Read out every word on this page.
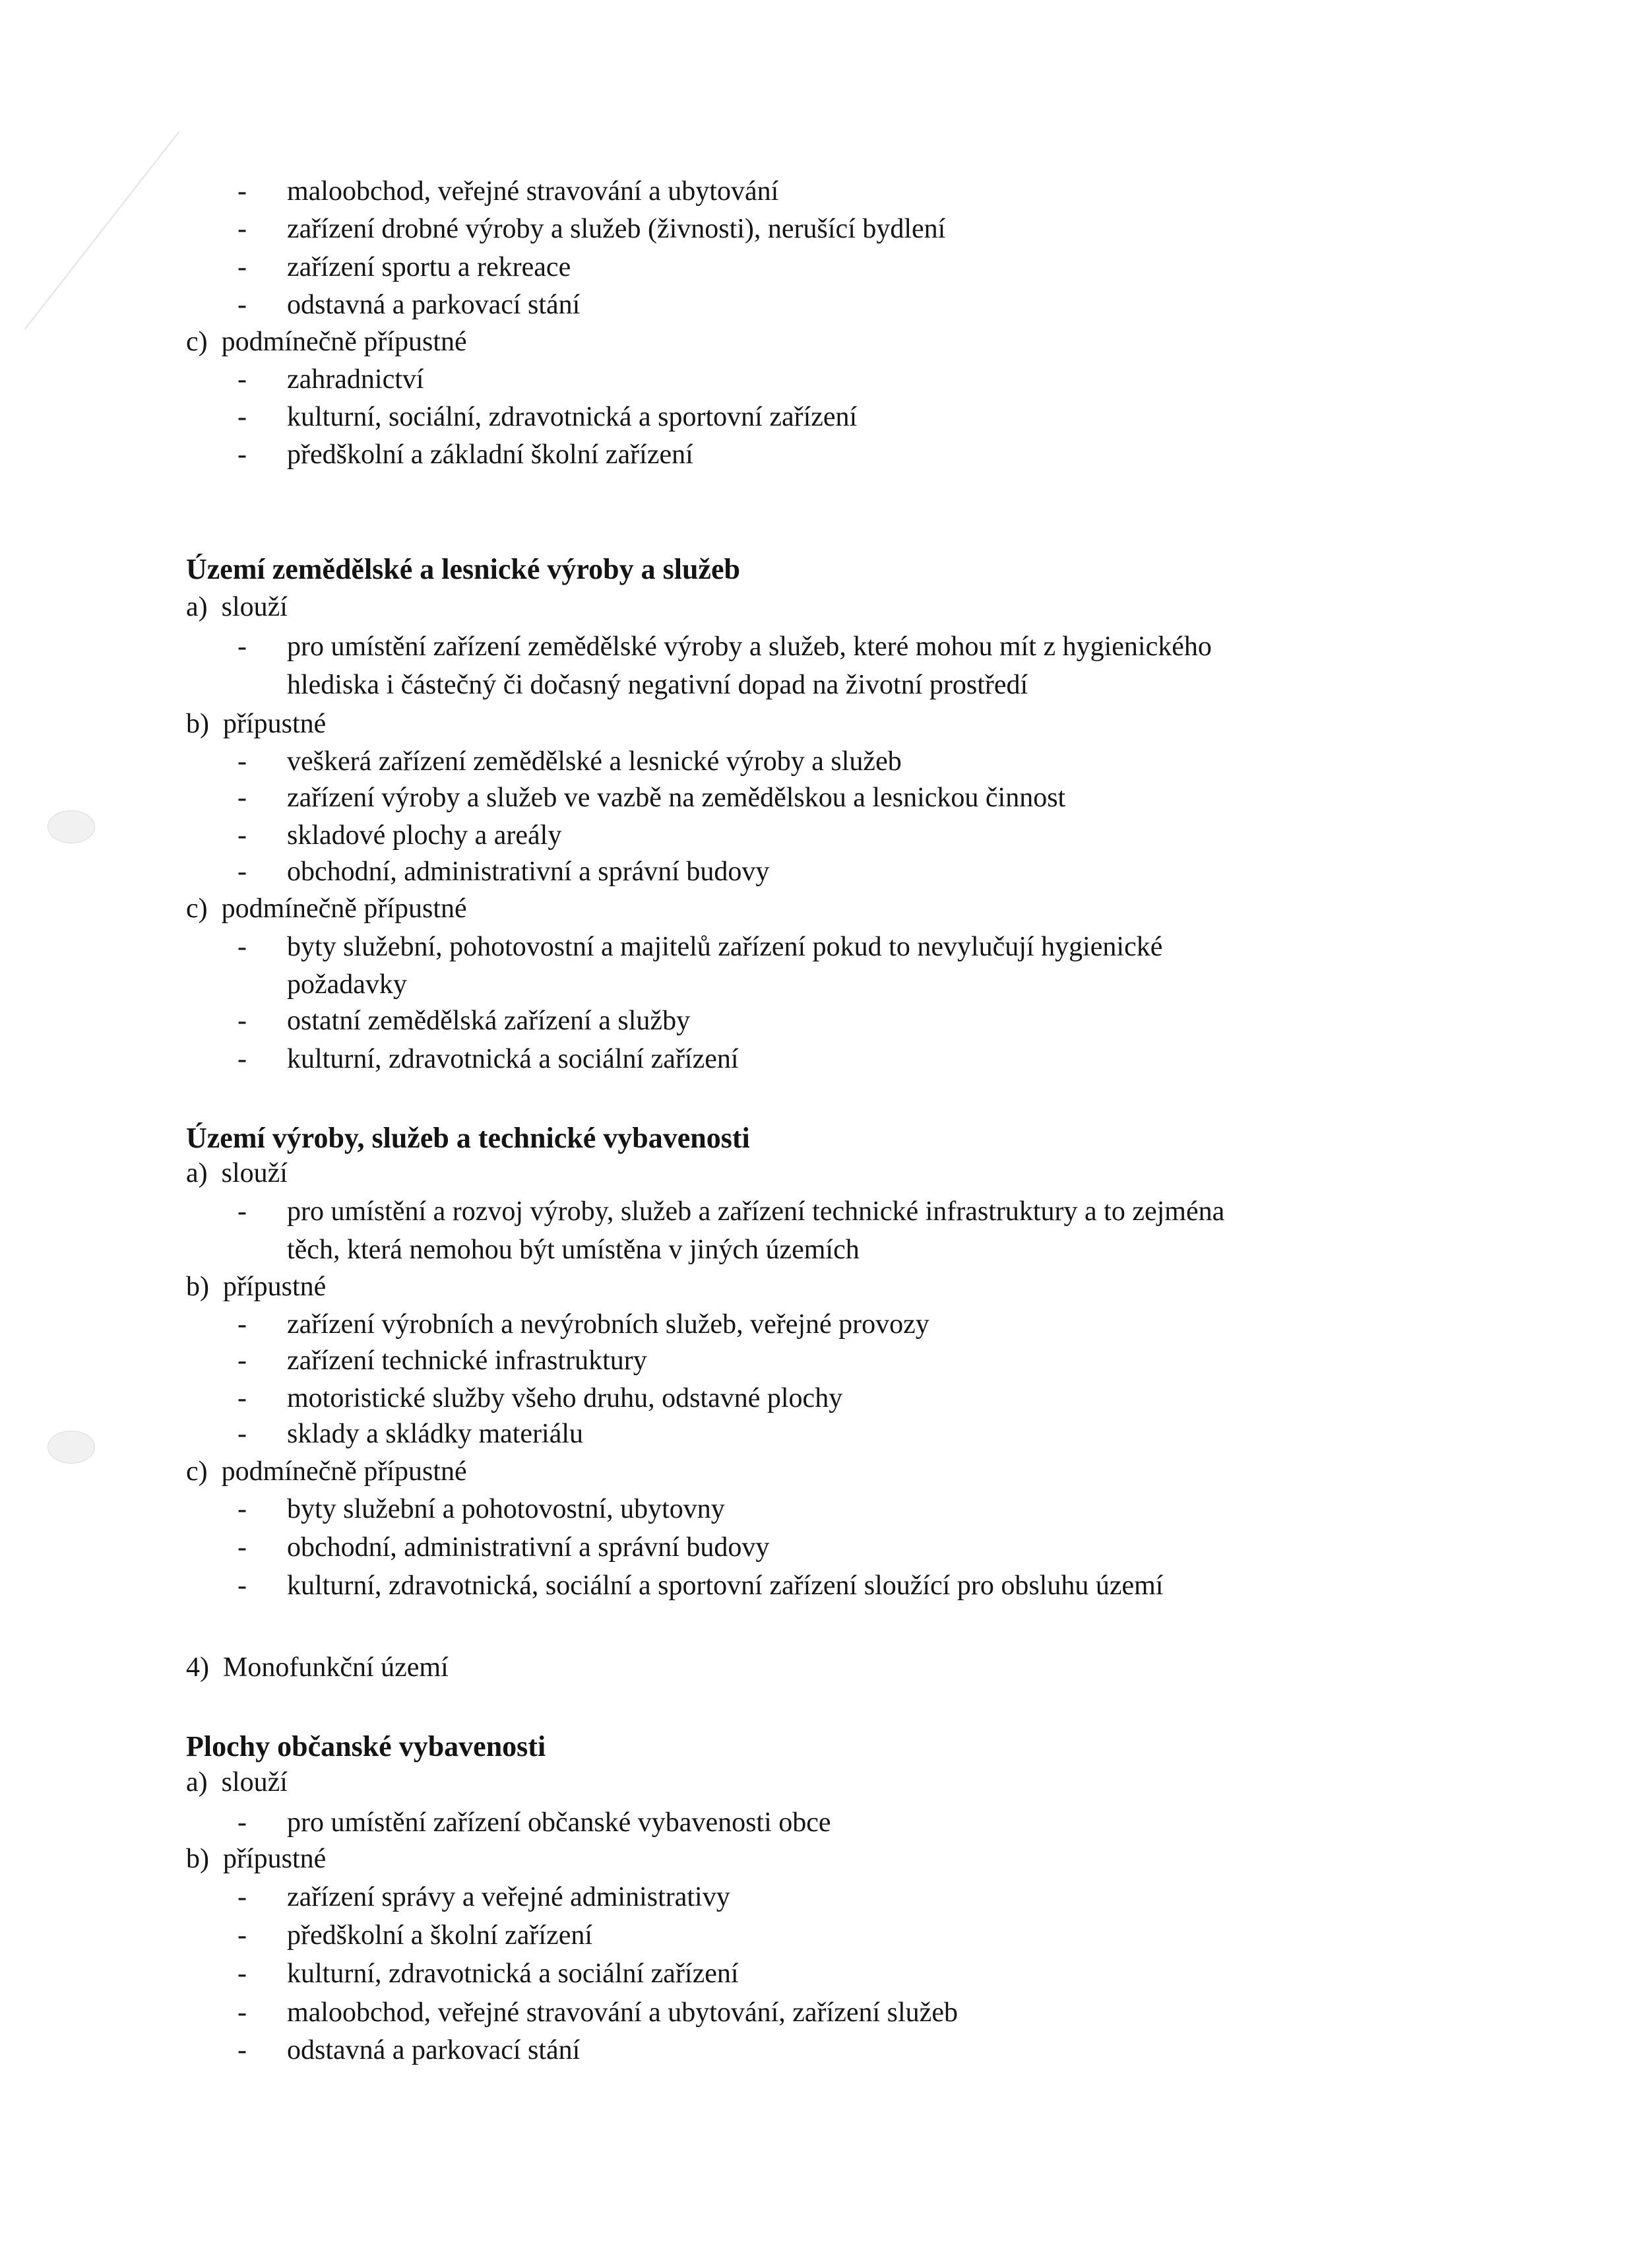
- maloobchod, veřejné stravování a ubytování
- zařízení drobné výroby a služeb (živnosti), nerušící bydlení
- zařízení sportu a rekreace
- odstavná a parkovací stání
c)  podmínečně přípustné
- zahradnictví
- kulturní, sociální, zdravotnická a sportovní zařízení
- předškolní a základní školní zařízení
Území zemědělské a lesnické výroby a služeb
a)  slouží
- pro umístění zařízení zemědělské výroby a služeb, které mohou mít z hygienického
hlediska i částečný či dočasný negativní dopad na životní prostředí
b)  přípustné
- veškerá zařízení zemědělské a lesnické výroby a služeb
- zařízení výroby a služeb ve vazbě na zemědělskou a lesnickou činnost
- skladové plochy a areály
- obchodní, administrativní a správní budovy
c)  podmínečně přípustné
- byty služební, pohotovostní a majitelů zařízení pokud to nevylučují hygienické
požadavky
- ostatní zemědělská zařízení a služby
- kulturní, zdravotnická a sociální zařízení
Území výroby, služeb a technické vybavenosti
a)  slouží
- pro umístění a rozvoj výroby, služeb a zařízení technické infrastruktury a to zejména
těch, která nemohou být umístěna v jiných územích
b)  přípustné
- zařízení výrobních a nevýrobních služeb, veřejné provozy
- zařízení technické infrastruktury
- motoristické služby všeho druhu, odstavné plochy
- sklady a skládky materiálu
c)  podmínečně přípustné
- byty služební a pohotovostní, ubytovny
- obchodní, administrativní a správní budovy
- kulturní, zdravotnická, sociální a sportovní zařízení sloužící pro obsluhu území
4)  Monofunkční území
Plochy občanské vybavenosti
a)  slouží
- pro umístění zařízení občanské vybavenosti obce
b)  přípustné
- zařízení správy a veřejné administrativy
- předškolní a školní zařízení
- kulturní, zdravotnická a sociální zařízení
- maloobchod, veřejné stravování a ubytování, zařízení služeb
- odstavná a parkovací stání
